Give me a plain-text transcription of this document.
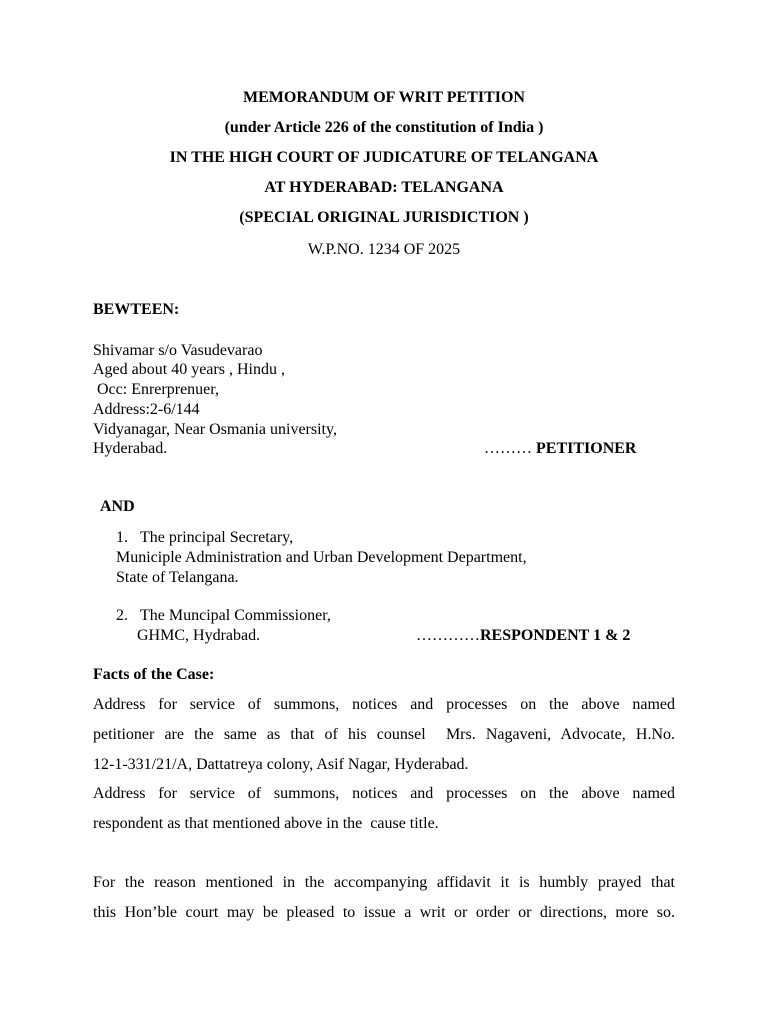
MEMORANDUM OF WRIT PETITION
(under Article 226 of the constitution of India )
IN THE HIGH COURT OF JUDICATURE OF TELANGANA
AT HYDERABAD: TELANGANA
(SPECIAL ORIGINAL JURISDICTION )
W.P.NO. 1234 OF 2025
BEWTEEN:
Shivamar s/o Vasudevarao
Aged about 40 years , Hindu ,
Occ: Enrerprenuer,
Address:2-6/144
Vidyanagar, Near Osmania university,
Hyderabad.	……… PETITIONER
AND
1. The principal Secretary,
Municiple Administration and Urban Development Department,
State of Telangana.
2. The Muncipal Commissioner,
GHMC, Hydrabad.	…………RESPONDENT 1 & 2
Facts of the Case:
Address for service of summons, notices and processes on the above named
petitioner are the same as that of his counsel  Mrs. Nagaveni, Advocate, H.No.
12-1-331/21/A, Dattatreya colony, Asif Nagar, Hyderabad.
Address for service of summons, notices and processes on the above named
respondent as that mentioned above in the  cause title.
For the reason mentioned in the accompanying affidavit it is humbly prayed that
this Hon’ble court may be pleased to issue a writ or order or directions, more so.
